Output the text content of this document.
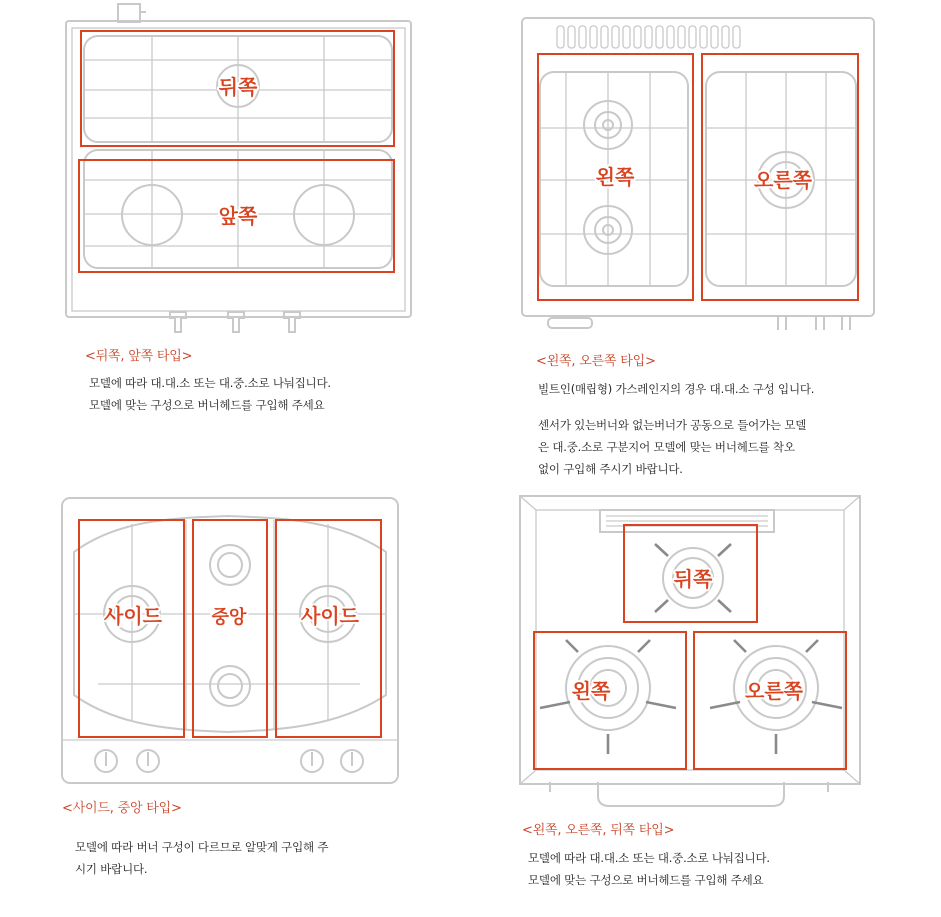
뒤쪽
앞쪽
<뒤쪽, 앞쪽 타입>

모델에 따라 대.대.소 또는 대.중.소로 나눠집니다.

모델에 맞는 구성으로 버너헤드를 구입해 주세요

왼쪽	오른쪽
<왼쪽, 오른쪽 타입>

빌트인(매립형) 가스레인지의 경우 대.대.소 구성 입니다.

센서가 있는버너와 없는버너가 공동으로 들어가는 모델

은 대.중.소로 구분지어 모델에 맞는 버너헤드를 착오

없이 구입해 주시기 바랍니다.

사이드	중앙	사이드
<사이드, 중앙 타입>

모델에 따라 버너 구성이 다르므로 알맞게 구입해 주

시기 바랍니다.

뒤쪽
왼쪽	오른쪽
<왼쪽, 오른쪽, 뒤쪽 타입>

모델에 따라 대.대.소 또는 대.중.소로 나눠집니다.

모델에 맞는 구성으로 버너헤드를 구입해 주세요
